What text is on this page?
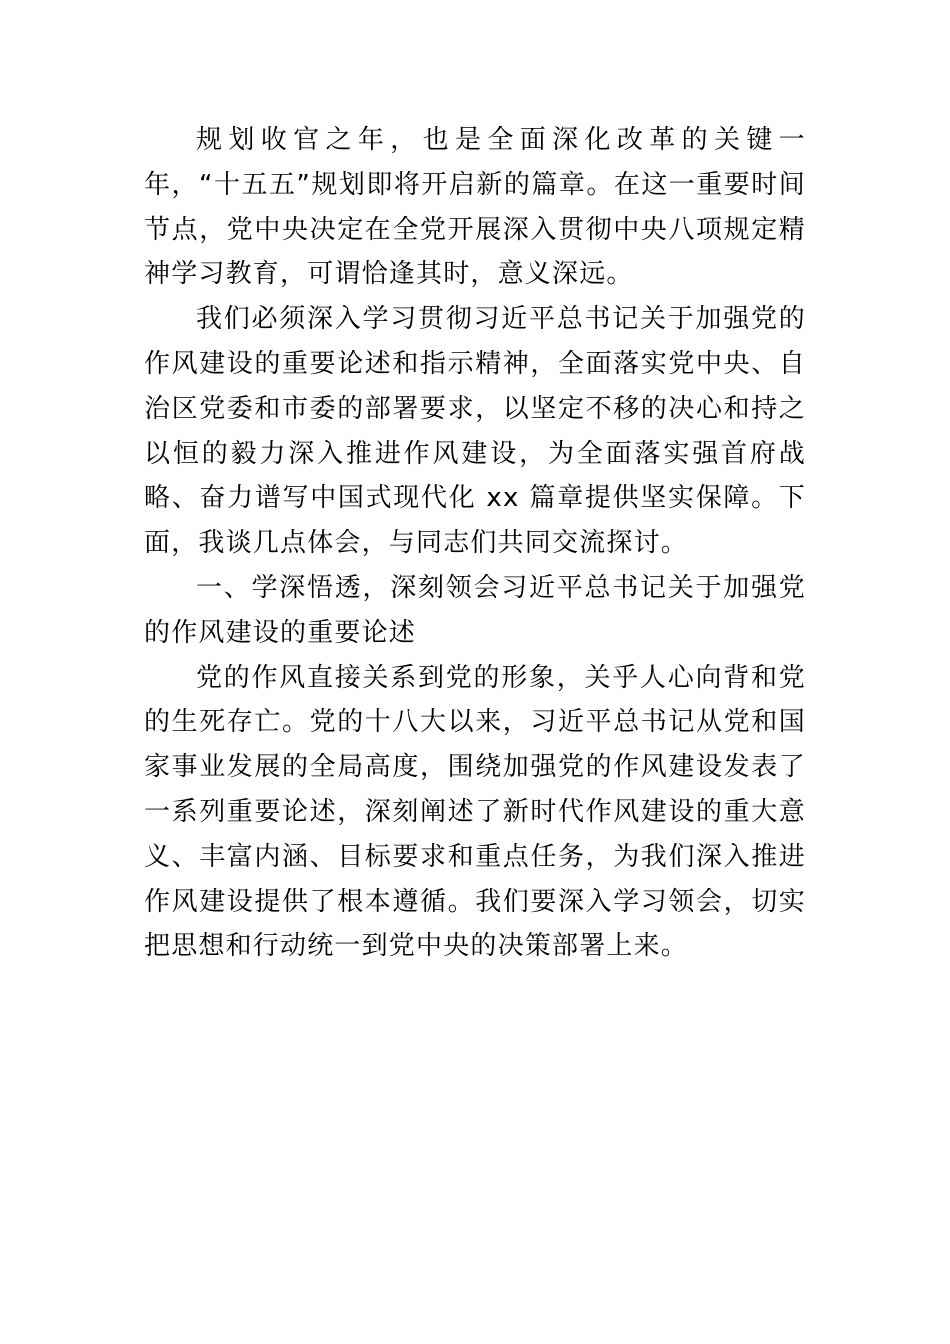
规划收官之年，也是全面深化改革的关键一年，“十五五”规划即将开启新的篇章。在这一重要时间节点，党中央决定在全党开展深入贯彻中央八项规定精神学习教育，可谓恰逢其时，意义深远。

我们必须深入学习贯彻习近平总书记关于加强党的作风建设的重要论述和指示精神，全面落实党中央、自治区党委和市委的部署要求，以坚定不移的决心和持之以恒的毅力深入推进作风建设，为全面落实强首府战略、奋力谱写中国式现代化 xx 篇章提供坚实保障。下面，我谈几点体会，与同志们共同交流探讨。

一、学深悟透，深刻领会习近平总书记关于加强党的作风建设的重要论述

党的作风直接关系到党的形象，关乎人心向背和党的生死存亡。党的十八大以来，习近平总书记从党和国家事业发展的全局高度，围绕加强党的作风建设发表了一系列重要论述，深刻阐述了新时代作风建设的重大意义、丰富内涵、目标要求和重点任务，为我们深入推进作风建设提供了根本遵循。我们要深入学习领会，切实把思想和行动统一到党中央的决策部署上来。
